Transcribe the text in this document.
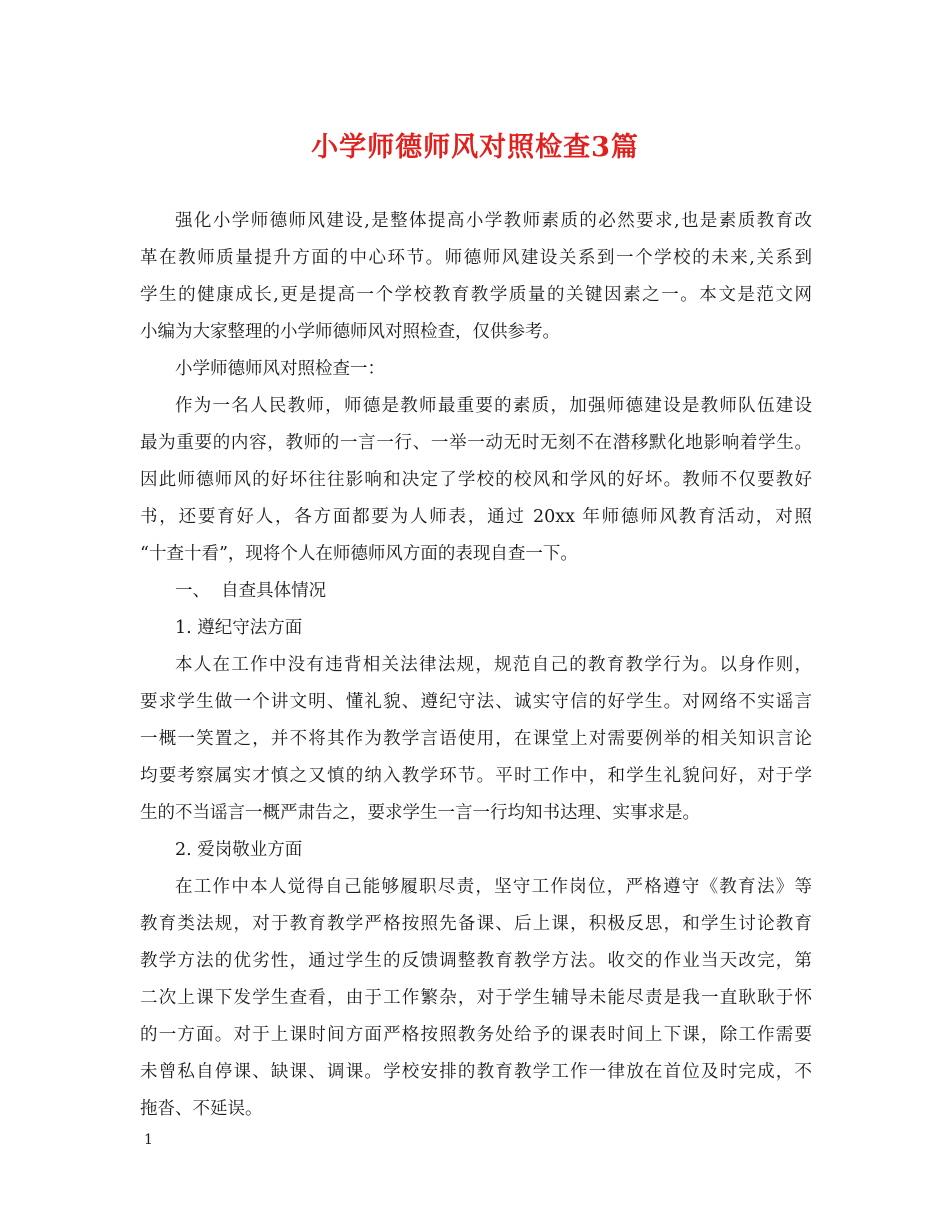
小学师德师风对照检查3篇

强化小学师德师风建设,是整体提高小学教师素质的必然要求,也是素质教育改
革在教师质量提升方面的中心环节。师德师风建设关系到一个学校的未来,关系到
学生的健康成长,更是提高一个学校教育教学质量的关键因素之一。本文是范文网
小编为大家整理的小学师德师风对照检查，仅供参考。

小学师德师风对照检查一：

作为一名人民教师，师德是教师最重要的素质，加强师德建设是教师队伍建设
最为重要的内容，教师的一言一行、一举一动无时无刻不在潜移默化地影响着学生。
因此师德师风的好坏往往影响和决定了学校的校风和学风的好坏。教师不仅要教好
书，还要育好人，各方面都要为人师表，通过 20xx 年师德师风教育活动，对照
“十查十看”，现将个人在师德师风方面的表现自查一下。

一、  自查具体情况

1. 遵纪守法方面

本人在工作中没有违背相关法律法规，规范自己的教育教学行为。以身作则，
要求学生做一个讲文明、懂礼貌、遵纪守法、诚实守信的好学生。对网络不实谣言
一概一笑置之，并不将其作为教学言语使用，在课堂上对需要例举的相关知识言论
均要考察属实才慎之又慎的纳入教学环节。平时工作中，和学生礼貌问好，对于学
生的不当谣言一概严肃告之，要求学生一言一行均知书达理、实事求是。

2. 爱岗敬业方面

在工作中本人觉得自己能够履职尽责，坚守工作岗位，严格遵守《教育法》等
教育类法规，对于教育教学严格按照先备课、后上课，积极反思，和学生讨论教育
教学方法的优劣性，通过学生的反馈调整教育教学方法。收交的作业当天改完，第
二次上课下发学生查看，由于工作繁杂，对于学生辅导未能尽责是我一直耿耿于怀
的一方面。对于上课时间方面严格按照教务处给予的课表时间上下课，除工作需要
未曾私自停课、缺课、调课。学校安排的教育教学工作一律放在首位及时完成，不
拖沓、不延误。

1
